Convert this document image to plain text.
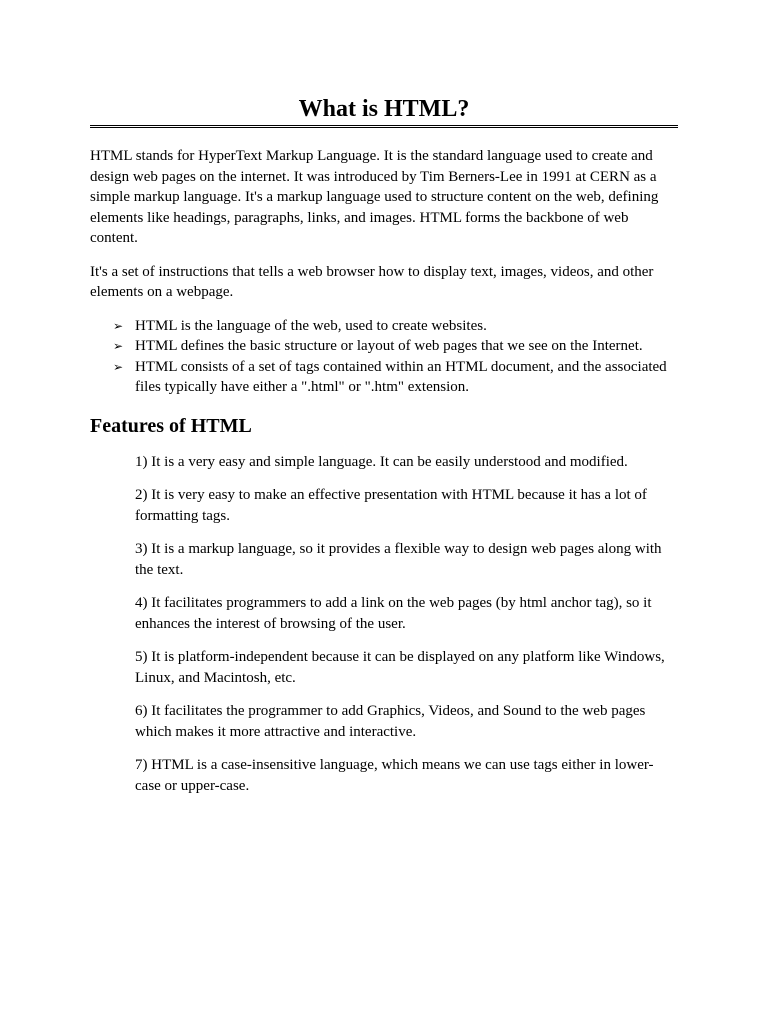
What is HTML?

HTML stands for HyperText Markup Language. It is the standard language used to create and design web pages on the internet. It was introduced by Tim Berners-Lee in 1991 at CERN as a simple markup language. It's a markup language used to structure content on the web, defining elements like headings, paragraphs, links, and images. HTML forms the backbone of web content.

It's a set of instructions that tells a web browser how to display text, images, videos, and other elements on a webpage.

➢ HTML is the language of the web, used to create websites.
➢ HTML defines the basic structure or layout of web pages that we see on the Internet.
➢ HTML consists of a set of tags contained within an HTML document, and the associated files typically have either a ".html" or ".htm" extension.
Features of HTML

1) It is a very easy and simple language. It can be easily understood and modified.

2) It is very easy to make an effective presentation with HTML because it has a lot of formatting tags.

3) It is a markup language, so it provides a flexible way to design web pages along with the text.

4) It facilitates programmers to add a link on the web pages (by html anchor tag), so it enhances the interest of browsing of the user.

5) It is platform-independent because it can be displayed on any platform like Windows, Linux, and Macintosh, etc.

6) It facilitates the programmer to add Graphics, Videos, and Sound to the web pages which makes it more attractive and interactive.

7) HTML is a case-insensitive language, which means we can use tags either in lower-case or upper-case.
